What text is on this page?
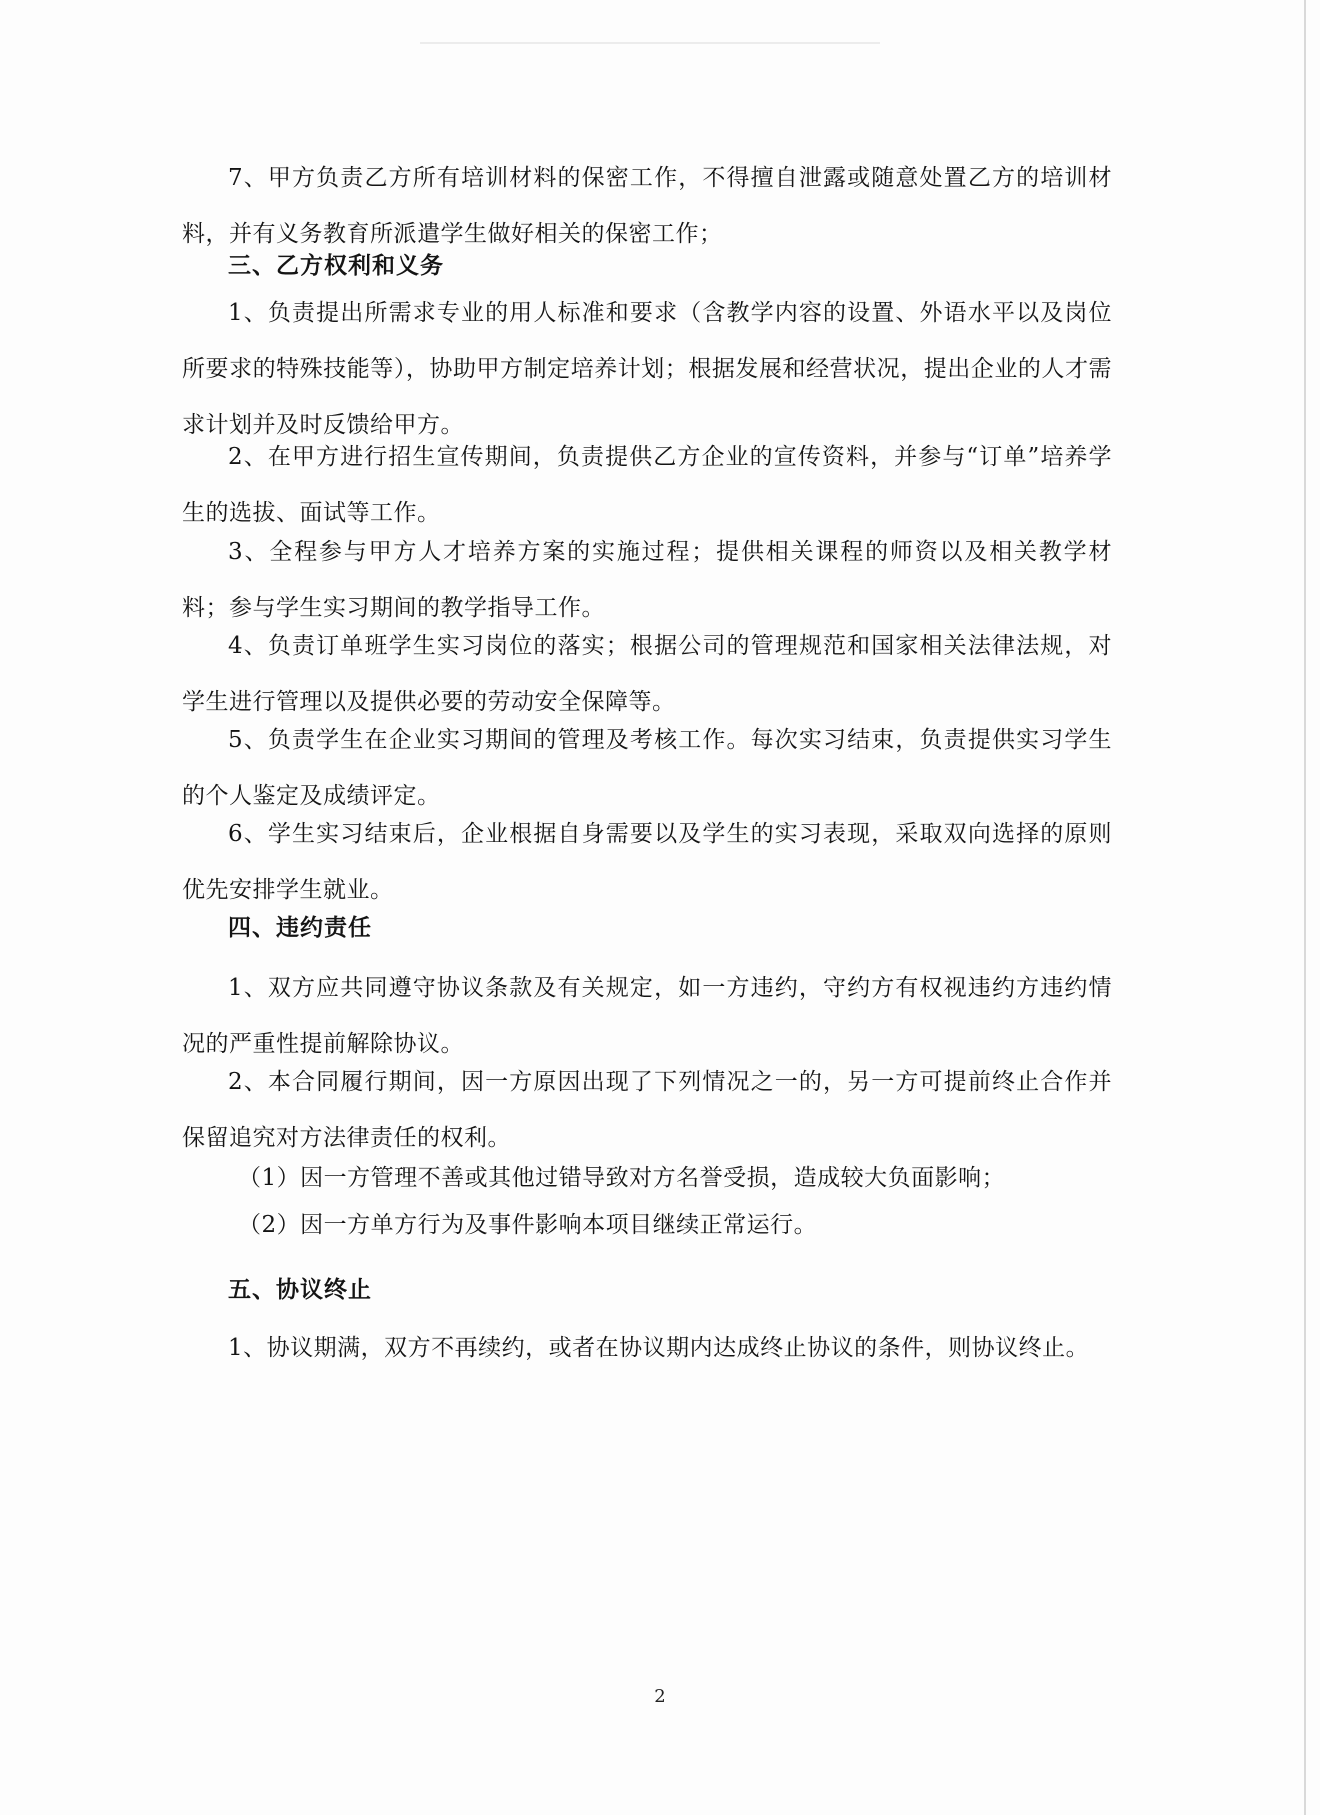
7、甲方负责乙方所有培训材料的保密工作，不得擅自泄露或随意处置乙方的培训材料，并有义务教育所派遣学生做好相关的保密工作；

三、乙方权利和义务

1、负责提出所需求专业的用人标准和要求（含教学内容的设置、外语水平以及岗位所要求的特殊技能等），协助甲方制定培养计划；根据发展和经营状况，提出企业的人才需求计划并及时反馈给甲方。

2、在甲方进行招生宣传期间，负责提供乙方企业的宣传资料，并参与“订单”培养学生的选拔、面试等工作。

3、全程参与甲方人才培养方案的实施过程；提供相关课程的师资以及相关教学材料；参与学生实习期间的教学指导工作。

4、负责订单班学生实习岗位的落实；根据公司的管理规范和国家相关法律法规，对学生进行管理以及提供必要的劳动安全保障等。

5、负责学生在企业实习期间的管理及考核工作。每次实习结束，负责提供实习学生的个人鉴定及成绩评定。

6、学生实习结束后，企业根据自身需要以及学生的实习表现，采取双向选择的原则优先安排学生就业。

四、违约责任

1、双方应共同遵守协议条款及有关规定，如一方违约，守约方有权视违约方违约情况的严重性提前解除协议。

2、本合同履行期间，因一方原因出现了下列情况之一的，另一方可提前终止合作并保留追究对方法律责任的权利。

（1）因一方管理不善或其他过错导致对方名誉受损，造成较大负面影响；

（2）因一方单方行为及事件影响本项目继续正常运行。

五、协议终止

1、协议期满，双方不再续约，或者在协议期内达成终止协议的条件，则协议终止。

2
